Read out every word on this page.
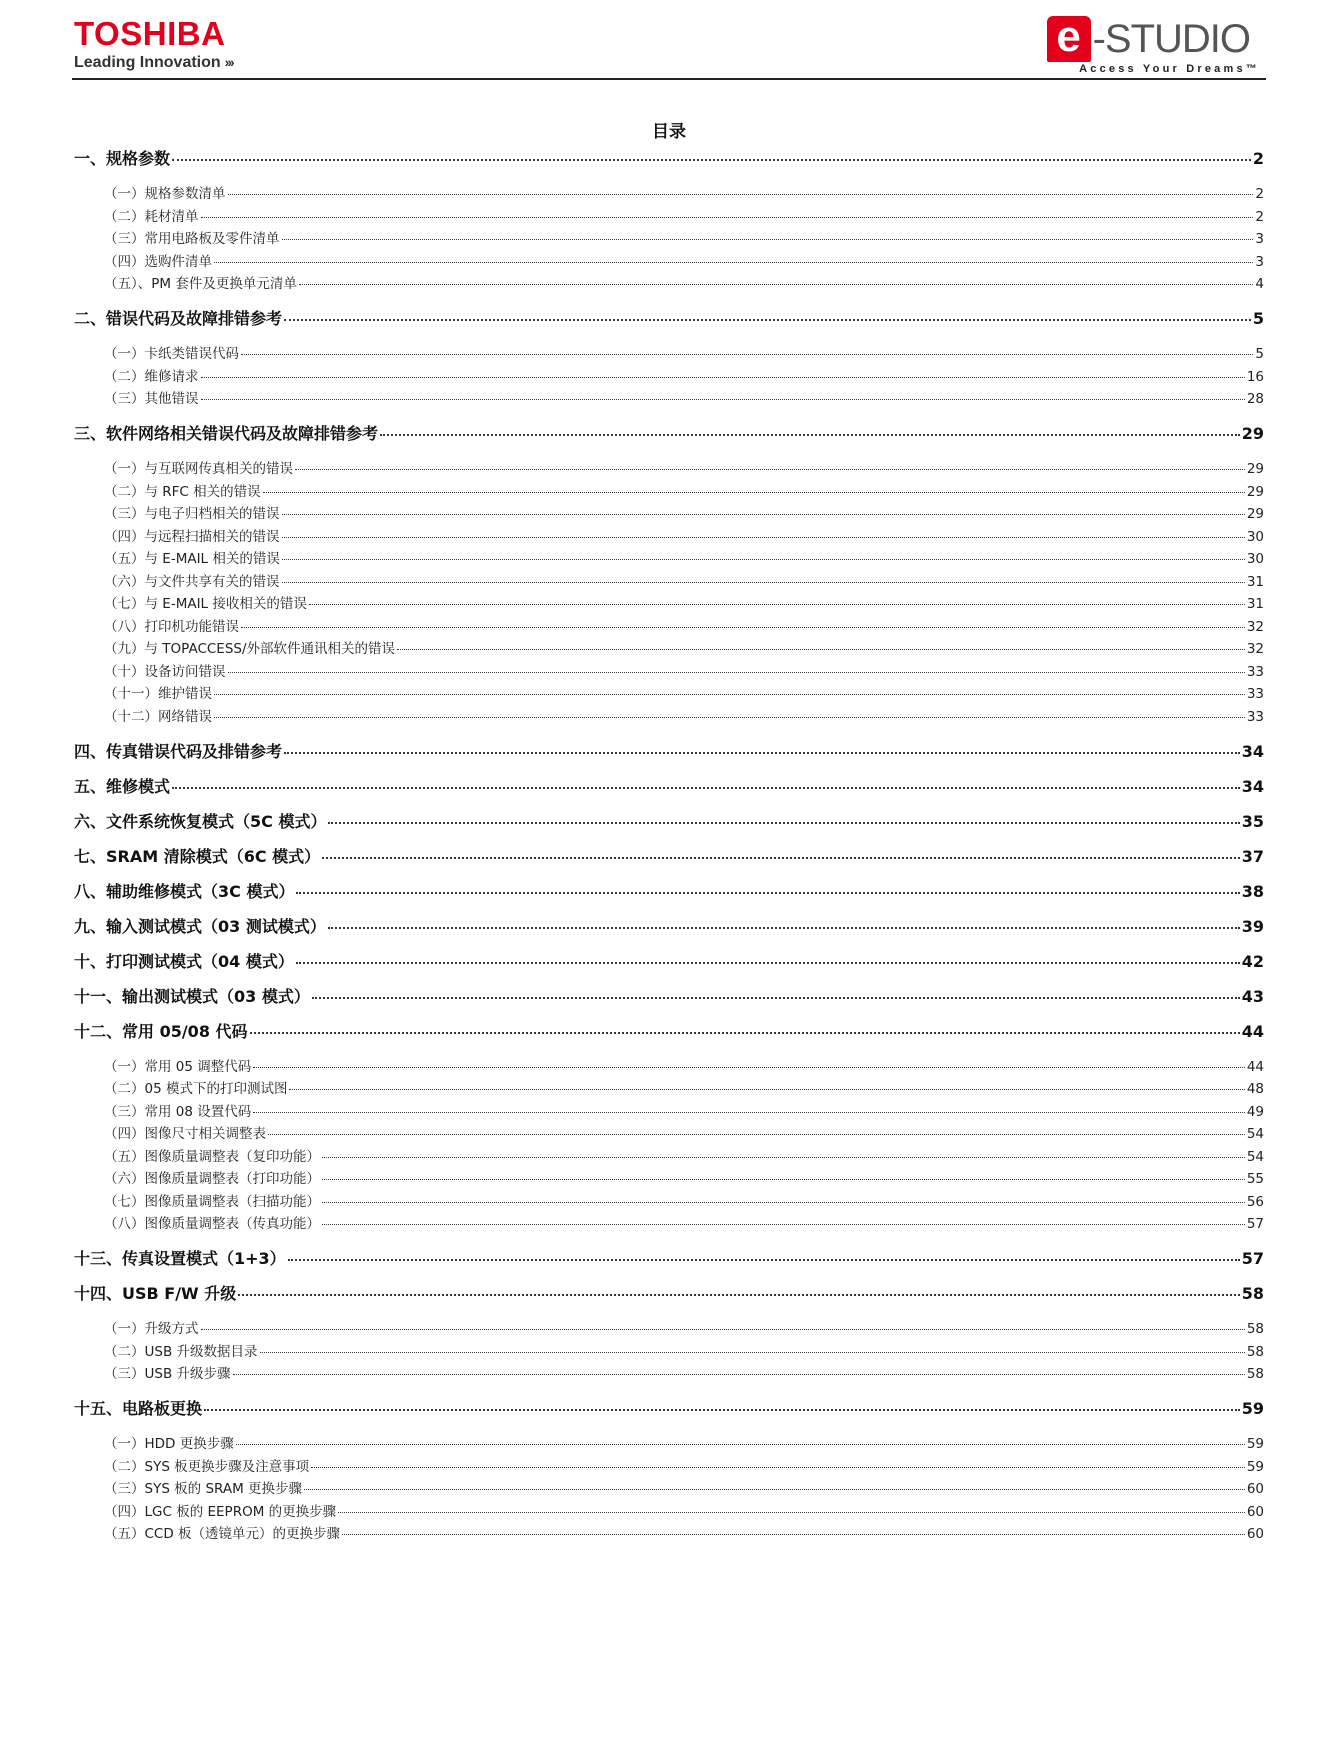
TOSHIBA
Leading Innovation ›››
e -STUDIO
Access Your Dreams™
目录
一、规格参数	2
（一）规格参数清单	2
（二）耗材清单	2
（三）常用电路板及零件清单	3
（四）选购件清单	3
（五）、PM 套件及更换单元清单	4
二、错误代码及故障排错参考	5
（一）卡纸类错误代码	5
（二）维修请求	16
（三）其他错误	28
三、软件网络相关错误代码及故障排错参考	29
（一）与互联网传真相关的错误	29
（二）与 RFC 相关的错误	29
（三）与电子归档相关的错误	29
（四）与远程扫描相关的错误	30
（五）与 E-MAIL 相关的错误	30
（六）与文件共享有关的错误	31
（七）与 E-MAIL 接收相关的错误	31
（八）打印机功能错误	32
（九）与 TOPACCESS/外部软件通讯相关的错误	32
（十）设备访问错误	33
（十一）维护错误	33
（十二）网络错误	33
四、传真错误代码及排错参考	34
五、维修模式	34
六、文件系统恢复模式（5C 模式）	35
七、SRAM 清除模式（6C 模式）	37
八、辅助维修模式（3C 模式）	38
九、输入测试模式（03 测试模式）	39
十、打印测试模式（04 模式）	42
十一、输出测试模式（03 模式）	43
十二、常用 05/08 代码	44
（一）常用 05 调整代码	44
（二）05 模式下的打印测试图	48
（三）常用 08 设置代码	49
（四）图像尺寸相关调整表	54
（五）图像质量调整表（复印功能）	54
（六）图像质量调整表（打印功能）	55
（七）图像质量调整表（扫描功能）	56
（八）图像质量调整表（传真功能）	57
十三、传真设置模式（1+3）	57
十四、USB F/W 升级	58
（一）升级方式	58
（二）USB 升级数据目录	58
（三）USB 升级步骤	58
十五、电路板更换	59
（一）HDD 更换步骤	59
（二）SYS 板更换步骤及注意事项	59
（三）SYS 板的 SRAM 更换步骤	60
（四）LGC 板的 EEPROM 的更换步骤	60
（五）CCD 板（透镜单元）的更换步骤	60
